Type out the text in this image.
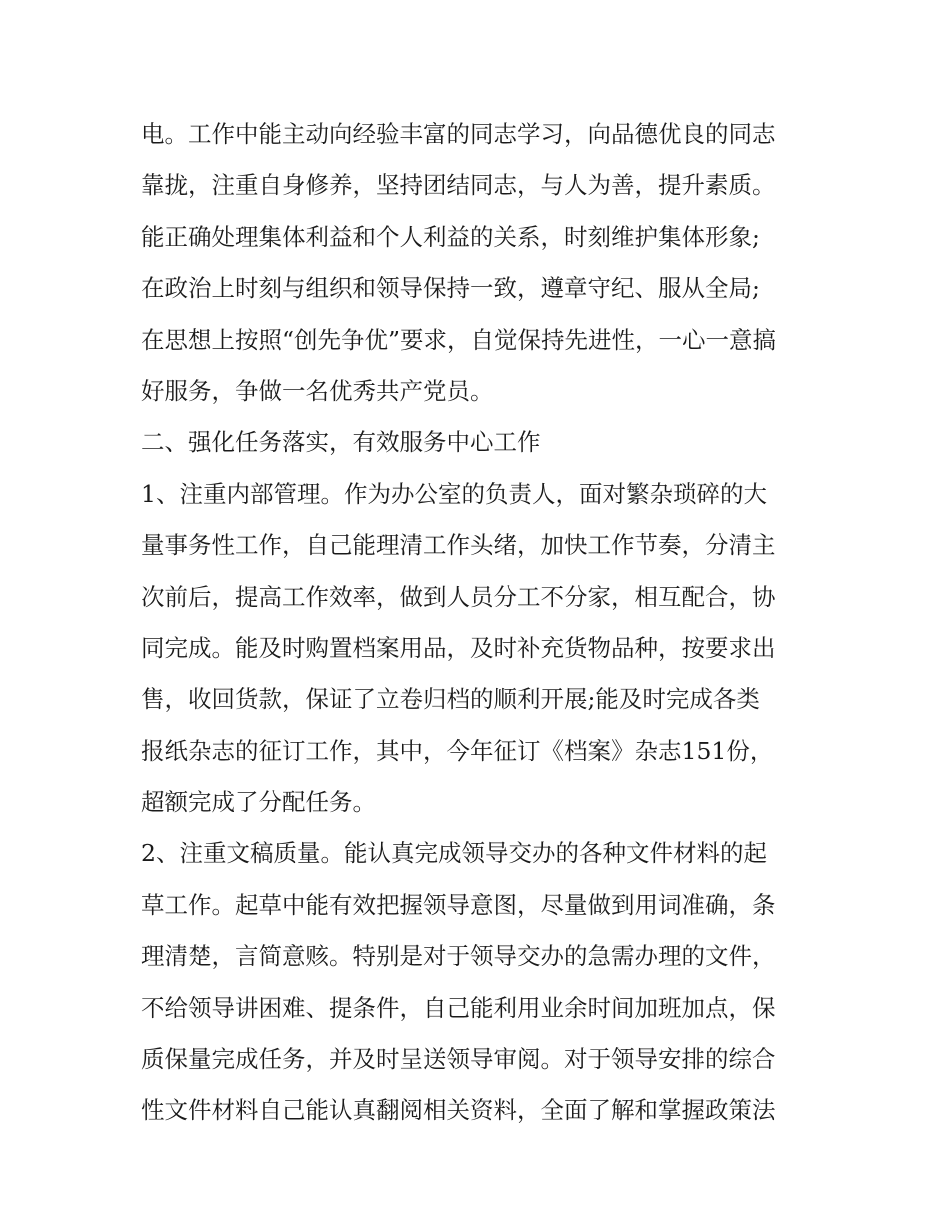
电。工作中能主动向经验丰富的同志学习，向品德优良的同志
靠拢，注重自身修养，坚持团结同志，与人为善，提升素质。
能正确处理集体利益和个人利益的关系，时刻维护集体形象;
在政治上时刻与组织和领导保持一致，遵章守纪、服从全局;
在思想上按照“创先争优”要求，自觉保持先进性，一心一意搞
好服务，争做一名优秀共产党员。
二、强化任务落实，有效服务中心工作
1、注重内部管理。作为办公室的负责人，面对繁杂琐碎的大
量事务性工作，自己能理清工作头绪，加快工作节奏，分清主
次前后，提高工作效率，做到人员分工不分家，相互配合，协
同完成。能及时购置档案用品，及时补充货物品种，按要求出
售，收回货款，保证了立卷归档的顺利开展;能及时完成各类
报纸杂志的征订工作，其中，今年征订《档案》杂志151份，
超额完成了分配任务。
2、注重文稿质量。能认真完成领导交办的各种文件材料的起
草工作。起草中能有效把握领导意图，尽量做到用词准确，条
理清楚，言简意赅。特别是对于领导交办的急需办理的文件，
不给领导讲困难、提条件，自己能利用业余时间加班加点，保
质保量完成任务，并及时呈送领导审阅。对于领导安排的综合
性文件材料自己能认真翻阅相关资料，全面了解和掌握政策法
